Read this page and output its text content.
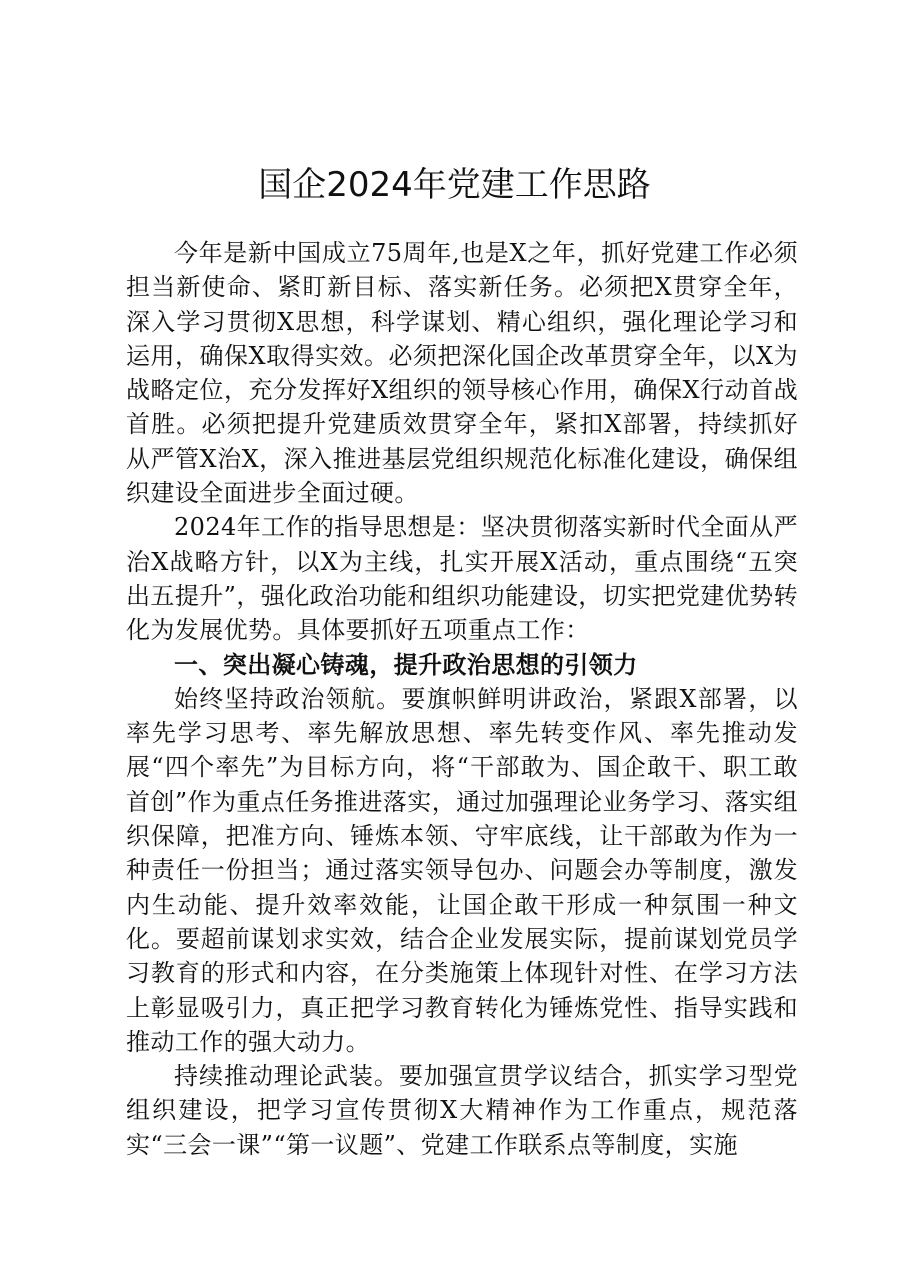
国企2024年党建工作思路

今年是新中国成立75周年,也是X之年，抓好党建工作必须担当新使命、紧盯新目标、落实新任务。必须把X贯穿全年，深入学习贯彻X思想，科学谋划、精心组织，强化理论学习和运用，确保X取得实效。必须把深化国企改革贯穿全年，以X为战略定位，充分发挥好X组织的领导核心作用，确保X行动首战首胜。必须把提升党建质效贯穿全年，紧扣X部署，持续抓好从严管X治X，深入推进基层党组织规范化标准化建设，确保组织建设全面进步全面过硬。

2024年工作的指导思想是：坚决贯彻落实新时代全面从严治X战略方针，以X为主线，扎实开展X活动，重点围绕“五突出五提升”，强化政治功能和组织功能建设，切实把党建优势转化为发展优势。具体要抓好五项重点工作：

一、突出凝心铸魂，提升政治思想的引领力

始终坚持政治领航。要旗帜鲜明讲政治，紧跟X部署，以率先学习思考、率先解放思想、率先转变作风、率先推动发展“四个率先”为目标方向，将“干部敢为、国企敢干、职工敢首创”作为重点任务推进落实，通过加强理论业务学习、落实组织保障，把准方向、锤炼本领、守牢底线，让干部敢为作为一种责任一份担当；通过落实领导包办、问题会办等制度，激发内生动能、提升效率效能，让国企敢干形成一种氛围一种文化。要超前谋划求实效，结合企业发展实际，提前谋划党员学习教育的形式和内容，在分类施策上体现针对性、在学习方法上彰显吸引力，真正把学习教育转化为锤炼党性、指导实践和推动工作的强大动力。

持续推动理论武装。要加强宣贯学议结合，抓实学习型党组织建设，把学习宣传贯彻X大精神作为工作重点，规范落实“三会一课”“第一议题”、党建工作联系点等制度，实施
